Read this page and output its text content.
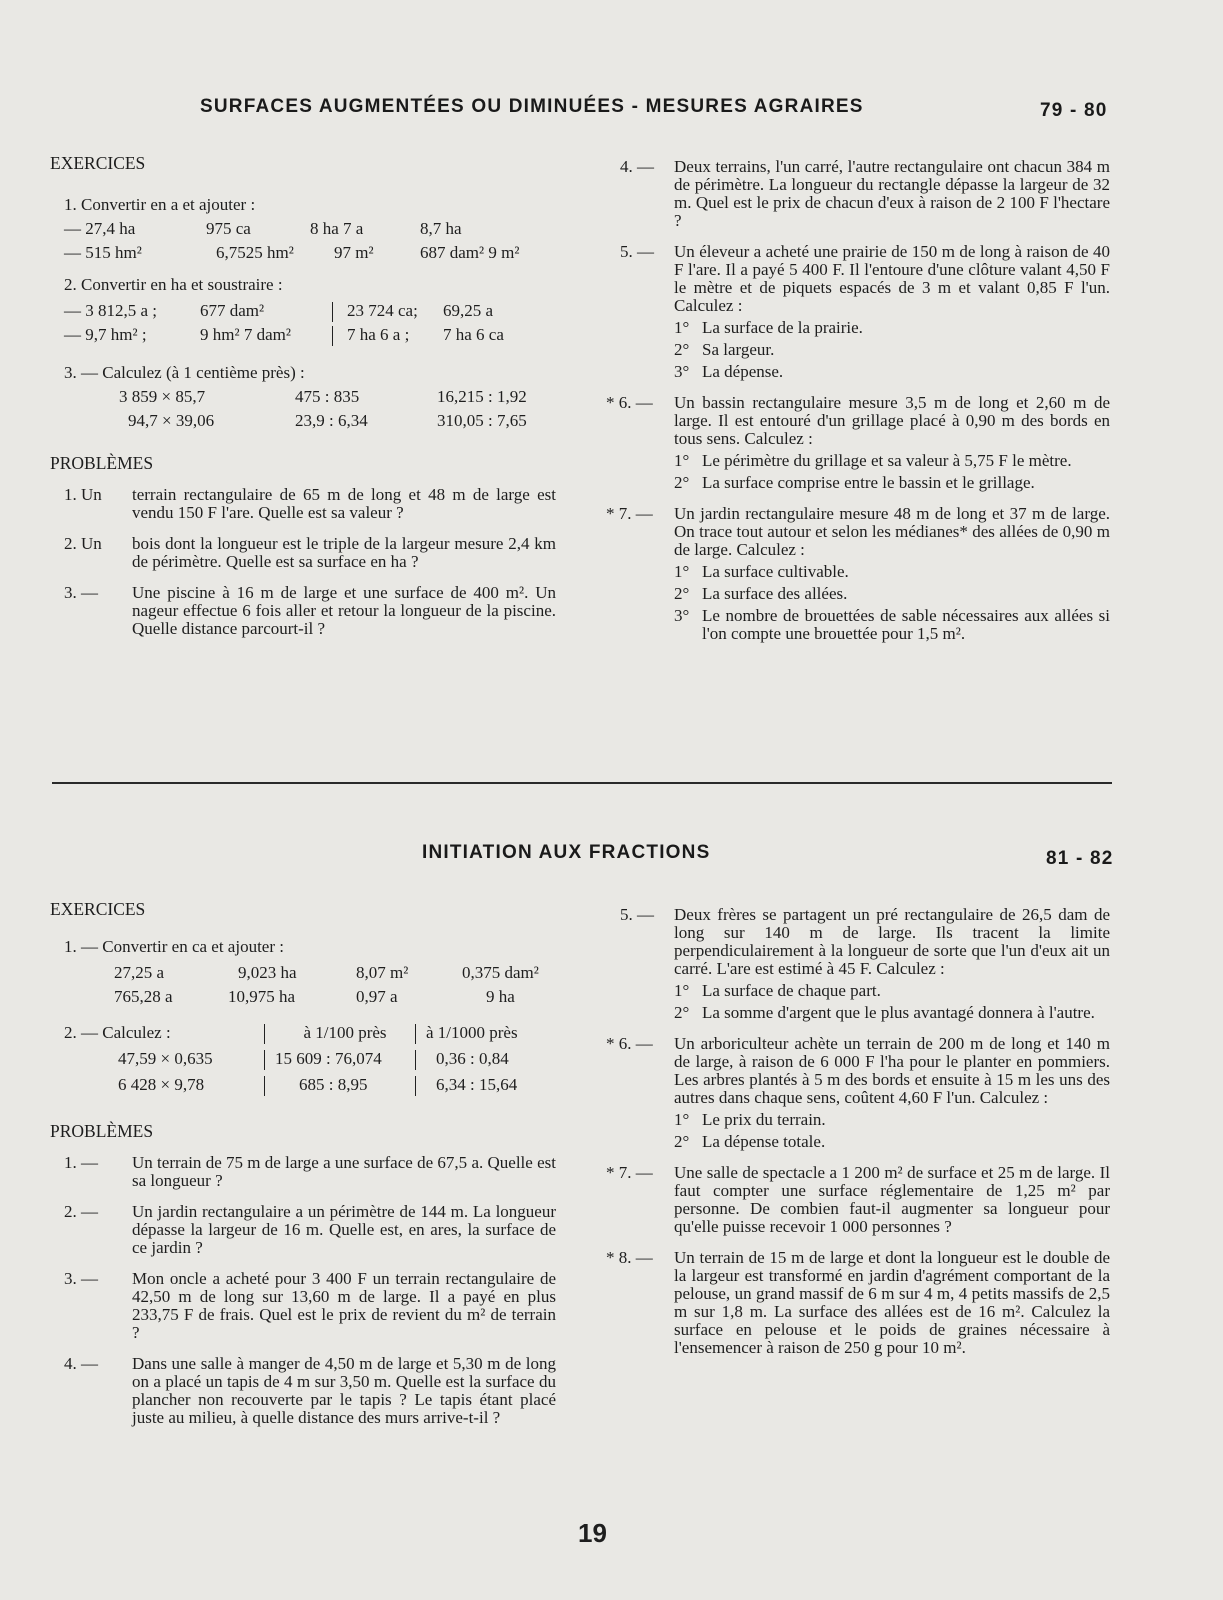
SURFACES AUGMENTÉES OU DIMINUÉES - MESURES AGRAIRES	79 - 80
EXERCICES
1. Convertir en a et ajouter :
— 27,4 ha	975 ca	8 ha 7 a	8,7 ha
— 515 hm²	6,7525 hm²	97 m²	687 dam² 9 m²
2. Convertir en ha et soustraire :
— 3 812,5 a ;	677 dam²	23 724 ca;	69,25 a
— 9,7 hm² ;	9 hm² 7 dam²	7 ha 6 a ;	7 ha 6 ca
3. — Calculez (à 1 centième près) :
3 859 × 85,7	475 : 835	16,215 : 1,92
94,7 × 39,06	23,9 : 6,34	310,05 : 7,65
PROBLÈMES
1. Un terrain rectangulaire de 65 m de long et 48 m de large est vendu 150 F l'are. Quelle est sa valeur ?
2. Un bois dont la longueur est le triple de la largeur mesure 2,4 km de périmètre. Quelle est sa surface en ha ?
3. — Une piscine à 16 m de large et une surface de 400 m². Un nageur effectue 6 fois aller et retour la longueur de la piscine. Quelle distance parcourt-il ?
4. — Deux terrains, l'un carré, l'autre rectangulaire ont chacun 384 m de périmètre. La longueur du rectangle dépasse la largeur de 32 m. Quel est le prix de chacun d'eux à raison de 2 100 F l'hectare ?
5. — Un éleveur a acheté une prairie de 150 m de long à raison de 40 F l'are. Il a payé 5 400 F. Il l'entoure d'une clôture valant 4,50 F le mètre et de piquets espacés de 3 m et valant 0,85 F l'un. Calculez :

1° La surface de la prairie.
2° Sa largeur.
3° La dépense.
* 6. — Un bassin rectangulaire mesure 3,5 m de long et 2,60 m de large. Il est entouré d'un grillage placé à 0,90 m des bords en tous sens. Calculez :

1° Le périmètre du grillage et sa valeur à 5,75 F le mètre.
2° La surface comprise entre le bassin et le grillage.
* 7. — Un jardin rectangulaire mesure 48 m de long et 37 m de large. On trace tout autour et selon les médianes* des allées de 0,90 m de large. Calculez :

1° La surface cultivable.
2° La surface des allées.
3° Le nombre de brouettées de sable nécessaires aux allées si l'on compte une brouettée pour 1,5 m².
INITIATION AUX FRACTIONS	81 - 82
EXERCICES
1. — Convertir en ca et ajouter :
27,25 a	9,023 ha	8,07 m²	0,375 dam²
765,28 a	10,975 ha	0,97 a	9 ha
2. — Calculez :	à 1/100 près	à 1/1000 près
47,59 × 0,635	15 609 : 76,074	0,36 : 0,84
6 428 × 9,78	685 : 8,95	6,34 : 15,64
PROBLÈMES
1. — Un terrain de 75 m de large a une surface de 67,5 a. Quelle est sa longueur ?
2. — Un jardin rectangulaire a un périmètre de 144 m. La longueur dépasse la largeur de 16 m. Quelle est, en ares, la surface de ce jardin ?
3. — Mon oncle a acheté pour 3 400 F un terrain rectangulaire de 42,50 m de long sur 13,60 m de large. Il a payé en plus 233,75 F de frais. Quel est le prix de revient du m² de terrain ?
4. — Dans une salle à manger de 4,50 m de large et 5,30 m de long on a placé un tapis de 4 m sur 3,50 m. Quelle est la surface du plancher non recouverte par le tapis ? Le tapis étant placé juste au milieu, à quelle distance des murs arrive-t-il ?
5. — Deux frères se partagent un pré rectangulaire de 26,5 dam de long sur 140 m de large. Ils tracent la limite perpendiculairement à la longueur de sorte que l'un d'eux ait un carré. L'are est estimé à 45 F. Calculez :

1° La surface de chaque part.
2° La somme d'argent que le plus avantagé donnera à l'autre.
* 6. — Un arboriculteur achète un terrain de 200 m de long et 140 m de large, à raison de 6 000 F l'ha pour le planter en pommiers. Les arbres plantés à 5 m des bords et ensuite à 15 m les uns des autres dans chaque sens, coûtent 4,60 F l'un. Calculez :

1° Le prix du terrain.
2° La dépense totale.
* 7. — Une salle de spectacle a 1 200 m² de surface et 25 m de large. Il faut compter une surface réglementaire de 1,25 m² par personne. De combien faut-il augmenter sa longueur pour qu'elle puisse recevoir 1 000 personnes ?
* 8. — Un terrain de 15 m de large et dont la longueur est le double de la largeur est transformé en jardin d'agrément comportant de la pelouse, un grand massif de 6 m sur 4 m, 4 petits massifs de 2,5 m sur 1,8 m. La surface des allées est de 16 m². Calculez la surface en pelouse et le poids de graines nécessaire à l'ensemencer à raison de 250 g pour 10 m².
19
